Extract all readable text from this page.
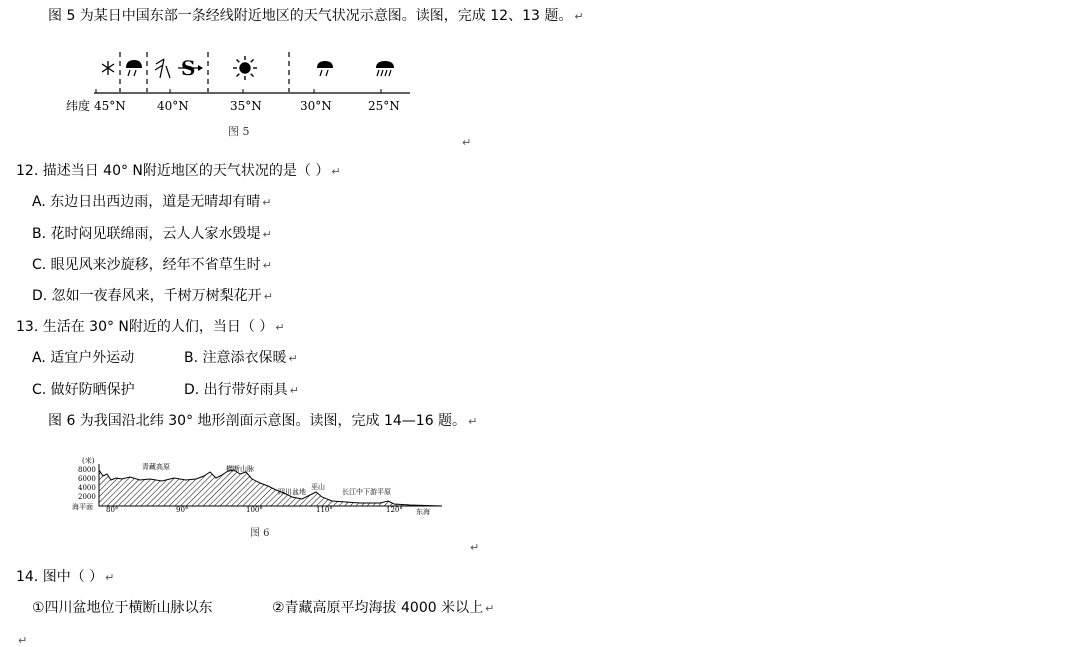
图 5 为某日中国东部一条经线附近地区的天气状况示意图。读图，完成 12、13 题。 ↵
S
纬度 45°N	40°N	35°N	30°N	25°N
图 5
↵
12. 描述当日 40° N附近地区的天气状况的是（ ） ↵
A. 东边日出西边雨，道是无晴却有晴 ↵
B. 花时闷见联绵雨，云人人家水毁堤 ↵
C. 眼见风来沙旋移，经年不省草生时 ↵
D. 忽如一夜春风来，千树万树梨花开 ↵
13. 生活在 30° N附近的人们，当日（ ） ↵
A. 适宜户外运动	B. 注意添衣保暖 ↵
C. 做好防晒保护	D. 出行带好雨具 ↵
图 6 为我国沿北纬 30° 地形剖面示意图。读图，完成 14—16 题。 ↵
(米)
8000
6000
4000
2000
海平面
青藏高原	横断山脉
四川盆地
巫山
长江中下游平原
东海
80°	90°	100°	110°	120°
图 6
↵
14. 图中（ ） ↵
①四川盆地位于横断山脉以东	②青藏高原平均海拔 4000 米以上 ↵
↵
